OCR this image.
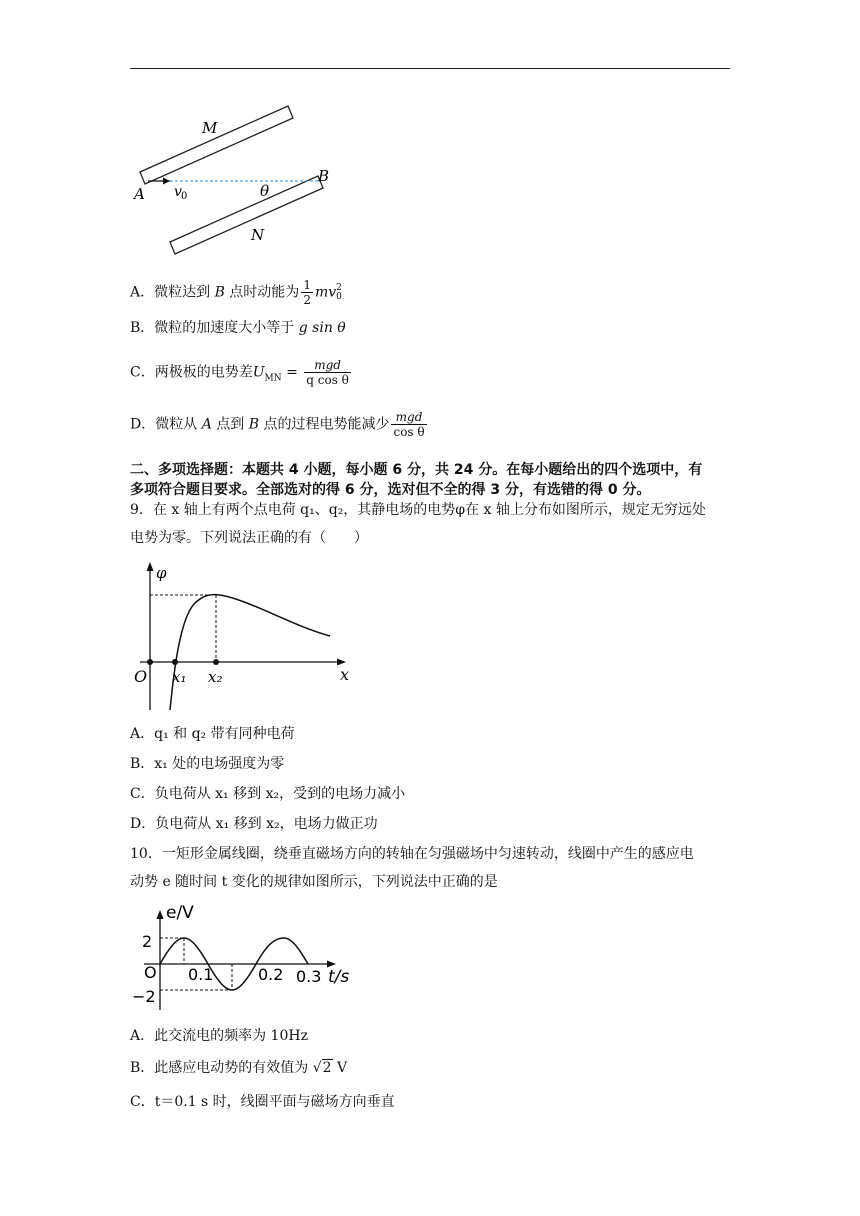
M
N
A
B
v 0	θ
A．微粒达到 B 点时动能为 $\frac{1}{2}$ mv 2
0
B．微粒的加速度大小等于 g sin θ
C．两极板的电势差$U_{MN} = \frac{\text{mgd}}{\text{q cos θ}}$
D．微粒从 A 点到 B 点的过程电势能减少 $\frac{\text{mgd}}{\text{cos θ}}$
二、多项选择题：本题共 4 小题，每小题 6 分，共 24 分。在每小题给出的四个选项中，有
多项符合题目要求。全部选对的得 6 分，选对但不全的得 3 分，有选错的得 0 分。
9．在 x 轴上有两个点电荷 q₁、q₂，其静电场的电势φ在 x 轴上分布如图所示，规定无穷远处
电势为零。下列说法正确的有（　　）
φ
x
O x₁ x₂
A．q₁ 和 q₂ 带有同种电荷
B．x₁ 处的电场强度为零
C．负电荷从 x₁ 移到 x₂，受到的电场力减小
D．负电荷从 x₁ 移到 x₂，电场力做正功
10．一矩形金属线圈，绕垂直磁场方向的转轴在匀强磁场中匀速转动，线圈中产生的感应电
动势 e 随时间 t 变化的规律如图所示，下列说法中正确的是
e/V
t/s
O
2
−2
0.1	0.2 0.3
A．此交流电的频率为 10Hz
B．此感应电动势的有效值为 √2 V
C．t＝0.1 s 时，线圈平面与磁场方向垂直
